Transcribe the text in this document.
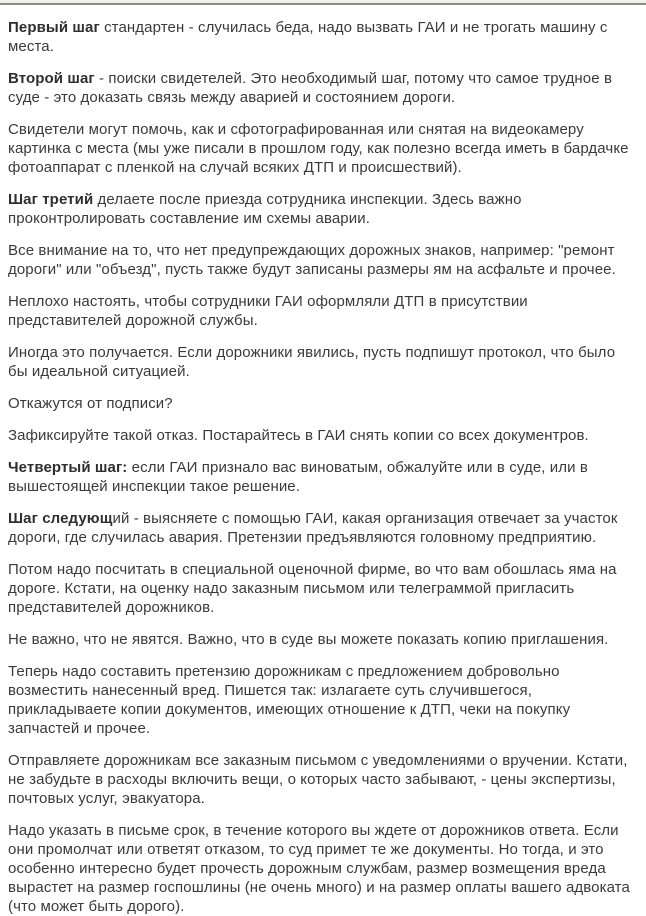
Первый шаг стандартен - случилась беда, надо вызвать ГАИ и не трогать машину с места.

Второй шаг - поиски свидетелей. Это необходимый шаг, потому что самое трудное в суде - это доказать связь между аварией и состоянием дороги.

Свидетели могут помочь, как и сфотографированная или снятая на видеокамеру картинка с места (мы уже писали в прошлом году, как полезно всегда иметь в бардачке фотоаппарат с пленкой на случай всяких ДТП и происшествий).

Шаг третий делаете после приезда сотрудника инспекции. Здесь важно проконтролировать составление им схемы аварии.

Все внимание на то, что нет предупреждающих дорожных знаков, например: "ремонт дороги" или "объезд", пусть также будут записаны размеры ям на асфальте и прочее.

Неплохо настоять, чтобы сотрудники ГАИ оформляли ДТП в присутствии представителей дорожной службы.

Иногда это получается. Если дорожники явились, пусть подпишут протокол, что было бы идеальной ситуацией.

Откажутся от подписи?

Зафиксируйте такой отказ. Постарайтесь в ГАИ снять копии со всех документров.

Четвертый шаг: если ГАИ признало вас виноватым, обжалуйте или в суде, или в вышестоящей инспекции такое решение.

Шаг следующий - выясняете с помощью ГАИ, какая организация отвечает за участок дороги, где случилась авария. Претензии предъявляются головному предприятию.

Потом надо посчитать в специальной оценочной фирме, во что вам обошлась яма на дороге. Кстати, на оценку надо заказным письмом или телеграммой пригласить представителей дорожников.

Не важно, что не явятся. Важно, что в суде вы можете показать копию приглашения.

Теперь надо составить претензию дорожникам с предложением добровольно возместить нанесенный вред. Пишется так: излагаете суть случившегося, прикладываете копии документов, имеющих отношение к ДТП, чеки на покупку запчастей и прочее.

Отправляете дорожникам все заказным письмом с уведомлениями о вручении. Кстати, не забудьте в расходы включить вещи, о которых часто забывают, - цены экспертизы, почтовых услуг, эвакуатора.

Надо указать в письме срок, в течение которого вы ждете от дорожников ответа. Если они промолчат или ответят отказом, то суд примет те же документы. Но тогда, и это особенно интересно будет прочесть дорожным службам, размер возмещения вреда вырастет на размер госпошлины (не очень много) и на размер оплаты вашего адвоката (что может быть дорого).
